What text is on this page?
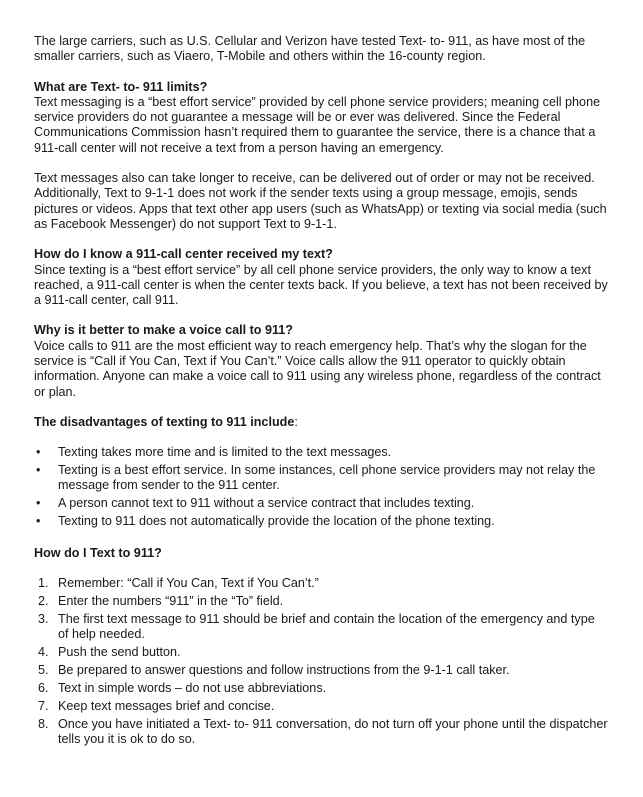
The large carriers, such as U.S. Cellular and Verizon have tested Text- to- 911, as have most of the smaller carriers, such as Viaero, T-Mobile and others within the 16-county region.

What are Text- to- 911 limits?

Text messaging is a “best effort service” provided by cell phone service providers; meaning cell phone service providers do not guarantee a message will be or ever was delivered. Since the Federal Communications Commission hasn’t required them to guarantee the service, there is a chance that a 911-call center will not receive a text from a person having an emergency.

Text messages also can take longer to receive, can be delivered out of order or may not be received. Additionally, Text to 9-1-1 does not work if the sender texts using a group message, emojis, sends pictures or videos. Apps that text other app users (such as WhatsApp) or texting via social media (such as Facebook Messenger) do not support Text to 9-1-1.

How do I know a 911-call center received my text?

Since texting is a “best effort service” by all cell phone service providers, the only way to know a text reached, a 911-call center is when the center texts back. If you believe, a text has not been received by a 911-call center, call 911.

Why is it better to make a voice call to 911?

Voice calls to 911 are the most efficient way to reach emergency help. That’s why the slogan for the service is “Call if You Can, Text if You Can’t.” Voice calls allow the 911 operator to quickly obtain information. Anyone can make a voice call to 911 using any wireless phone, regardless of the contract or plan.

The disadvantages of texting to 911 include:

• Texting takes more time and is limited to the text messages.
• Texting is a best effort service. In some instances, cell phone service providers may not relay the message from sender to the 911 center.
• A person cannot text to 911 without a service contract that includes texting.
• Texting to 911 does not automatically provide the location of the phone texting.

How do I Text to 911?

1. Remember: “Call if You Can, Text if You Can’t.”
2. Enter the numbers “911” in the “To” field.
3. The first text message to 911 should be brief and contain the location of the emergency and type of help needed.
4. Push the send button.
5. Be prepared to answer questions and follow instructions from the 9-1-1 call taker.
6. Text in simple words – do not use abbreviations.
7. Keep text messages brief and concise.
8. Once you have initiated a Text- to- 911 conversation, do not turn off your phone until the dispatcher tells you it is ok to do so.
